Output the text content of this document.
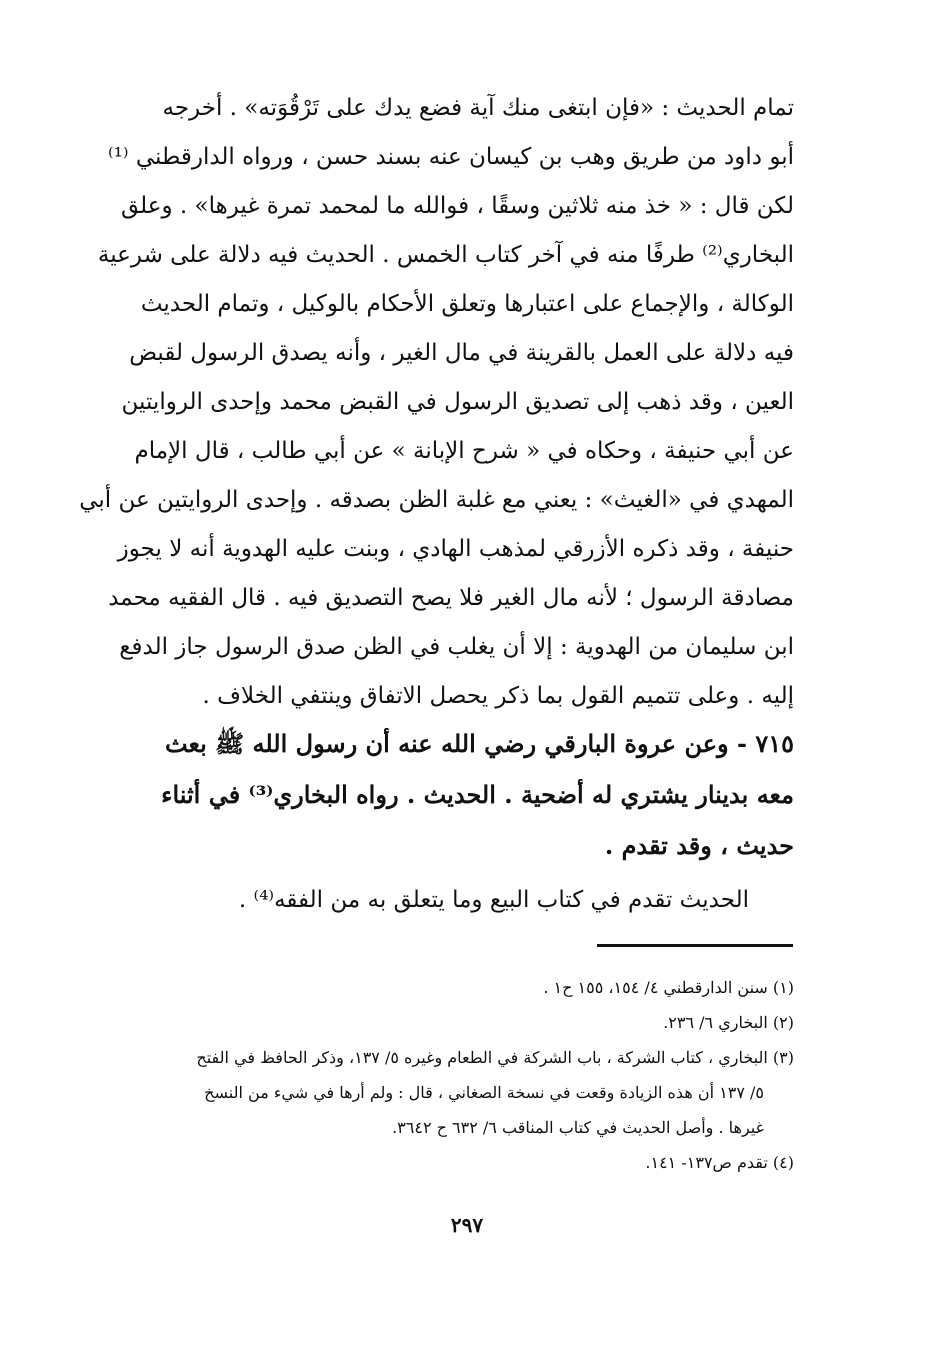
تمام الحديث : «فإن ابتغى منك آية فضع يدك على تَرْقُوَته» . أخرجه
أبو داود من طريق وهب بن كيسان عنه بسند حسن ، ورواه الدارقطني ⁽¹⁾
لكن قال : « خذ منه ثلاثين وسقًا ، فوالله ما لمحمد تمرة غيرها» . وعلق
البخاري⁽²⁾ طرفًا منه في آخر كتاب الخمس . الحديث فيه دلالة على شرعية
الوكالة ، والإجماع على اعتبارها وتعلق الأحكام بالوكيل ، وتمام الحديث
فيه دلالة على العمل بالقرينة في مال الغير ، وأنه يصدق الرسول لقبض
العين ، وقد ذهب إلى تصديق الرسول في القبض محمد وإحدى الروايتين
عن أبي حنيفة ، وحكاه في « شرح الإبانة » عن أبي طالب ، قال الإمام
المهدي في «الغيث» : يعني مع غلبة الظن بصدقه . وإحدى الروايتين عن أبي
حنيفة ، وقد ذكره الأزرقي لمذهب الهادي ، وبنت عليه الهدوية أنه لا يجوز
مصادقة الرسول ؛ لأنه مال الغير فلا يصح التصديق فيه . قال الفقيه محمد
ابن سليمان من الهدوية : إلا أن يغلب في الظن صدق الرسول جاز الدفع
إليه . وعلى تتميم القول بما ذكر يحصل الاتفاق وينتفي الخلاف .
٧١٥ - وعن عروة البارقي رضي الله عنه أن رسول الله ﷺ بعث
معه بدينار يشتري له أضحية . الحديث . رواه البخاري⁽³⁾ في أثناء
حديث ، وقد تقدم .
الحديث تقدم في كتاب البيع وما يتعلق به من الفقه⁽⁴⁾ .
(١) سنن الدارقطني ٤/ ١٥٤، ١٥٥ ح١ .
(٢) البخاري ٦/ ٢٣٦.
(٣) البخاري ، كتاب الشركة ، باب الشركة في الطعام وغيره ٥/ ١٣٧، وذكر الحافظ في الفتح
٥/ ١٣٧ أن هذه الزيادة وقعت في نسخة الصغاني ، قال : ولم أرها في شيء من النسخ
غيرها . وأصل الحديث في كتاب المناقب ٦/ ٦٣٢ ح ٣٦٤٢.
(٤) تقدم ص١٣٧- ١٤١.
٢٩٧
